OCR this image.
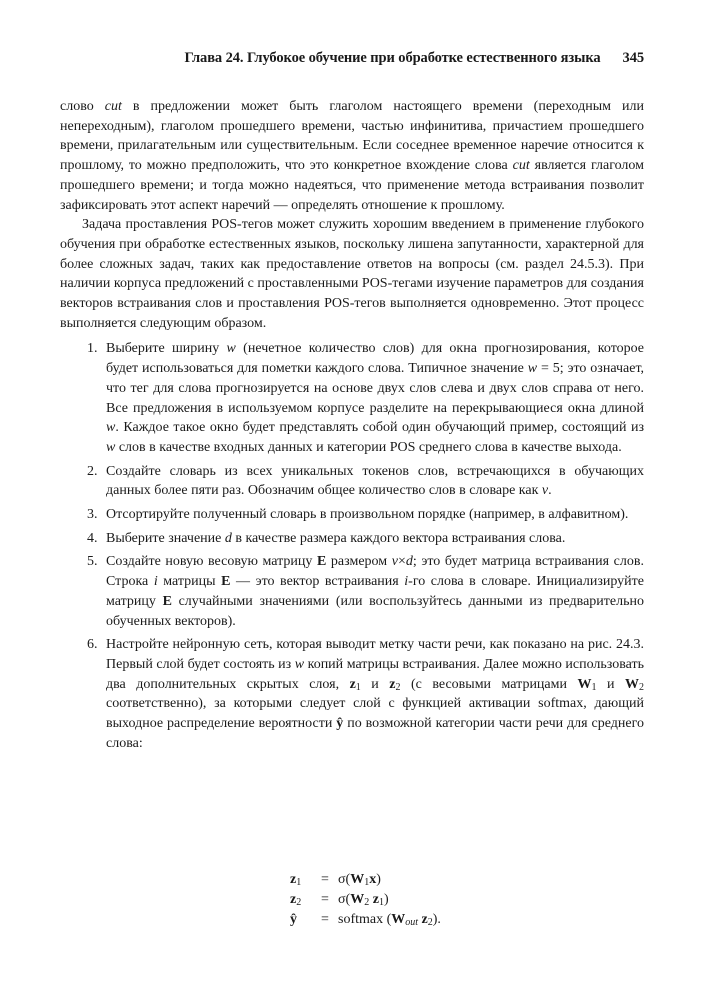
Глава 24. Глубокое обучение при обработке естественного языка 345

слово cut в предложении может быть глаголом настоящего времени (переходным или непереходным), глаголом прошедшего времени, частью инфинитива, причастием прошедшего времени, прилагательным или существительным. Если соседнее временное наречие относится к прошлому, то можно предположить, что это конкретное вхождение слова cut является глаголом прошедшего времени; и тогда можно надеяться, что применение метода встраивания позволит зафиксировать этот аспект наречий — определять отношение к прошлому.

Задача проставления POS-тегов может служить хорошим введением в применение глубокого обучения при обработке естественных языков, поскольку лишена запутанности, характерной для более сложных задач, таких как предоставление ответов на вопросы (см. раздел 24.5.3). При наличии корпуса предложений с проставленными POS-тегами изучение параметров для создания векторов встраивания слов и проставления POS-тегов выполняется одновременно. Этот процесс выполняется следующим образом.

1. Выберите ширину w (нечетное количество слов) для окна прогнозирования, которое будет использоваться для пометки каждого слова. Типичное значение w = 5; это означает, что тег для слова прогнозируется на основе двух слов слева и двух слов справа от него. Все предложения в используемом корпусе разделите на перекрывающиеся окна длиной w. Каждое такое окно будет представлять собой один обучающий пример, состоящий из w слов в качестве входных данных и категории POS среднего слова в качестве выхода.
2. Создайте словарь из всех уникальных токенов слов, встречающихся в обучающих данных более пяти раз. Обозначим общее количество слов в словаре как v.
3. Отсортируйте полученный словарь в произвольном порядке (например, в алфавитном).
4. Выберите значение d в качестве размера каждого вектора встраивания слова.
5. Создайте новую весовую матрицу E размером v×d; это будет матрица встраивания слов. Строка i матрицы E — это вектор встраивания i-го слова в словаре. Инициализируйте матрицу E случайными значениями (или воспользуйтесь данными из предварительно обученных векторов).
6. Настройте нейронную сеть, которая выводит метку части речи, как показано на рис. 24.3. Первый слой будет состоять из w копий матрицы встраивания. Далее можно использовать два дополнительных скрытых слоя, $z_1$ и $z_2$ (с весовыми матрицами $W_1$ и $W_2$ соответственно), за которыми следует слой с функцией активации softmax, дающий выходное распределение вероятности ŷ по возможной категории части речи для среднего слова:
$z_1$	= $\sigma(W_1x)$
$z_2$	= $\sigma(W_2$ $z_1$)
ŷ	= softmax ($W_{out}$ $z_2$).
